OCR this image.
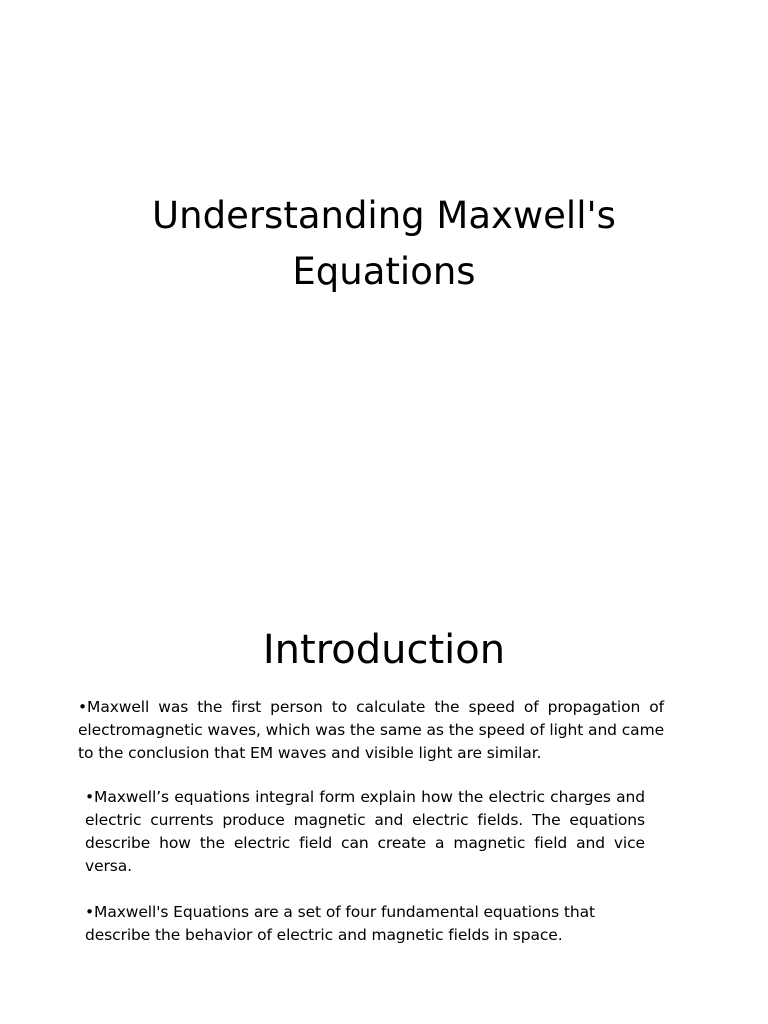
Understanding Maxwell's
Equations
Introduction

•Maxwell was the first person to calculate the speed of propagation of electromagnetic waves, which was the same as the speed of light and came to the conclusion that EM waves and visible light are similar.

•Maxwell’s equations integral form explain how the electric charges and electric currents produce magnetic and electric fields. The equations describe how the electric field can create a magnetic field and vice versa.

•Maxwell's Equations are a set of four fundamental equations that describe the behavior of electric and magnetic fields in space.
